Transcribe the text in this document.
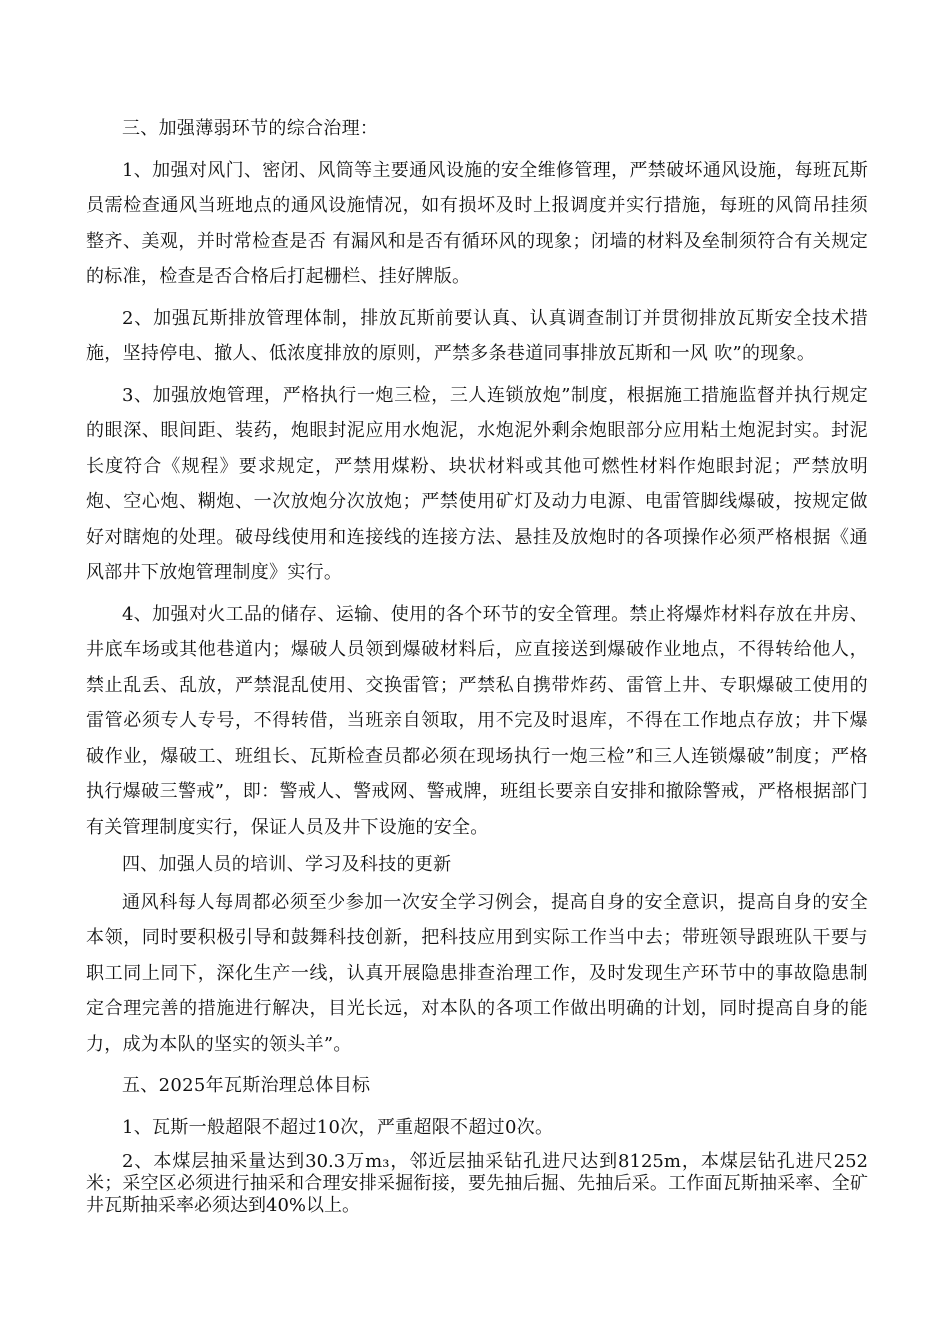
三、加强薄弱环节的综合治理：

1、加强对风门、密闭、风筒等主要通风设施的安全维修管理，严禁破坏通风设施，每班瓦斯员需检查通风当班地点的通风设施情况，如有损坏及时上报调度并实行措施，每班的风筒吊挂须整齐、美观，并时常检查是否 有漏风和是否有循环风的现象；闭墙的材料及垒制须符合有关规定的标准，检查是否合格后打起栅栏、挂好牌版。

2、加强瓦斯排放管理体制，排放瓦斯前要认真、认真调查制订并贯彻排放瓦斯安全技术措施，坚持停电、撤人、低浓度排放的原则，严禁多条巷道同事排放瓦斯和一风 吹”的现象。

3、加强放炮管理，严格执行一炮三检，三人连锁放炮”制度，根据施工措施监督并执行规定的眼深、眼间距、装药，炮眼封泥应用水炮泥，水炮泥外剩余炮眼部分应用粘土炮泥封实。封泥长度符合《规程》要求规定，严禁用煤粉、块状材料或其他可燃性材料作炮眼封泥；严禁放明炮、空心炮、糊炮、一次放炮分次放炮；严禁使用矿灯及动力电源、电雷管脚线爆破，按规定做好对瞎炮的处理。破母线使用和连接线的连接方法、悬挂及放炮时的各项操作必须严格根据《通风部井下放炮管理制度》实行。

4、加强对火工品的储存、运输、使用的各个环节的安全管理。禁止将爆炸材料存放在井房、井底车场或其他巷道内；爆破人员领到爆破材料后，应直接送到爆破作业地点，不得转给他人，禁止乱丢、乱放，严禁混乱使用、交换雷管；严禁私自携带炸药、雷管上井、专职爆破工使用的雷管必须专人专号，不得转借，当班亲自领取，用不完及时退库，不得在工作地点存放；井下爆破作业，爆破工、班组长、瓦斯检查员都必须在现场执行一炮三检”和三人连锁爆破”制度；严格执行爆破三警戒”，即：警戒人、警戒网、警戒牌，班组长要亲自安排和撤除警戒，严格根据部门有关管理制度实行，保证人员及井下设施的安全。

四、加强人员的培训、学习及科技的更新

通风科每人每周都必须至少参加一次安全学习例会，提高自身的安全意识，提高自身的安全本领，同时要积极引导和鼓舞科技创新，把科技应用到实际工作当中去；带班领导跟班队干要与职工同上同下，深化生产一线，认真开展隐患排查治理工作，及时发现生产环节中的事故隐患制定合理完善的措施进行解决，目光长远，对本队的各项工作做出明确的计划，同时提高自身的能力，成为本队的坚实的领头羊”。

五、2025年瓦斯治理总体目标

1、瓦斯一般超限不超过10次，严重超限不超过0次。

2、本煤层抽采量达到30.3万m₃，邻近层抽采钻孔进尺达到8125m，本煤层钻孔进尺252米；采空区必须进行抽采和合理安排采掘衔接，要先抽后掘、先抽后采。工作面瓦斯抽采率、全矿井瓦斯抽采率必须达到40%以上。
